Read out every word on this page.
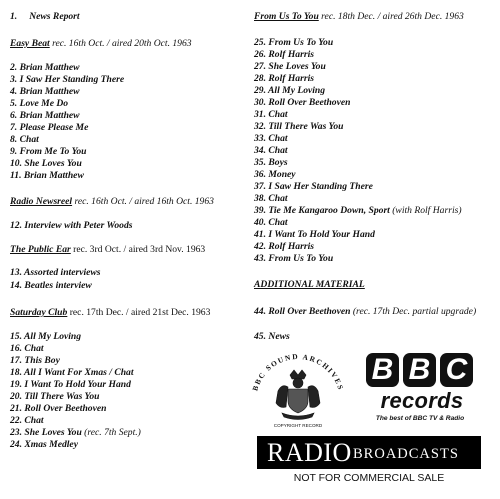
1. News Report
Easy Beat rec. 16th Oct. / aired 20th Oct. 1963
2. Brian Matthew
3. I Saw Her Standing There
4. Brian Matthew
5. Love Me Do
6. Brian Matthew
7. Please Please Me
8. Chat
9. From Me To You
10. She Loves You
11. Brian Matthew
Radio Newsreel rec. 16th Oct. / aired 16th Oct. 1963
12. Interview with Peter Woods
The Public Ear rec. 3rd Oct. / aired 3rd Nov. 1963
13. Assorted interviews
14. Beatles interview
Saturday Club rec. 17th Dec. / aired 21st Dec. 1963
15. All My Loving
16. Chat
17. This Boy
18. All I Want For Xmas / Chat
19. I Want To Hold Your Hand
20. Till There Was You
21. Roll Over Beethoven
22. Chat
23. She Loves You (rec. 7th Sept.)
24. Xmas Medley
From Us To You rec. 18th Dec. / aired 26th Dec. 1963
25. From Us To You
26. Rolf Harris
27. She Loves You
28. Rolf Harris
29. All My Loving
30. Roll Over Beethoven
31. Chat
32. Till There Was You
33. Chat
34. Chat
35. Boys
36. Money
37. I Saw Her Standing There
38. Chat
39. Tie Me Kangaroo Down, Sport (with Rolf Harris)
40. Chat
41. I Want To Hold Your Hand
42. Rolf Harris
43. From Us To You
ADDITIONAL MATERIAL
44. Roll Over Beethoven (rec. 17th Dec. partial upgrade)
45. News
BBC SOUND ARCHIVES
COPYRIGHT RECORD
B B C
records
The best of BBC TV & Radio
RADIO BROADCASTS
NOT FOR COMMERCIAL SALE
